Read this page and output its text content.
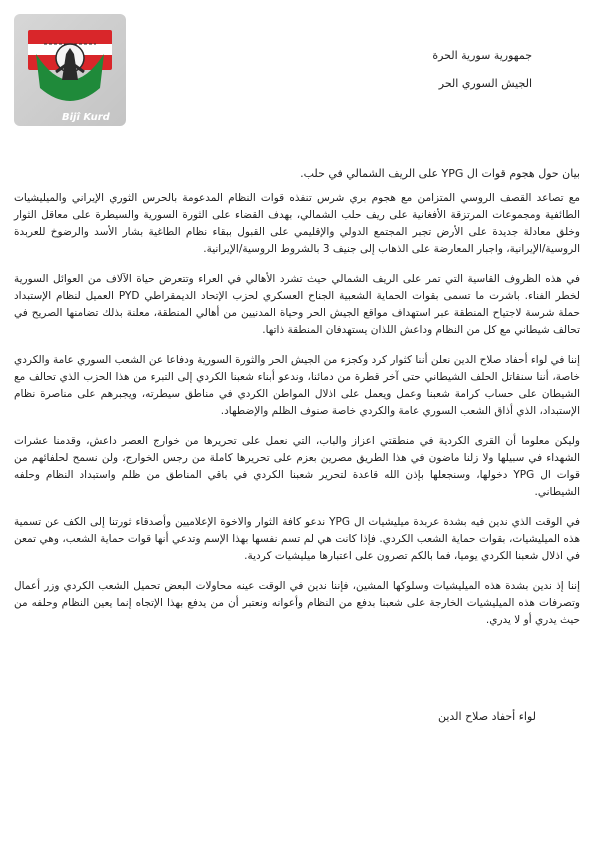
Bijî Kurd
جمهورية سورية الحرة
الجيش السوري الحر
بيان حول هجوم قوات ال YPG على الريف الشمالي في حلب.

مع تصاعد القصف الروسي المتزامن مع هجوم بري شرس تنفذه قوات النظام المدعومة بالحرس الثوري الإيراني والميليشيات الطائفية ومجموعات المرتزقة الأفغانية على ريف حلب الشمالي، بهدف القضاء على الثورة السورية والسيطرة على معاقل الثوار وخلق معادلة جديدة على الأرض تجبر المجتمع الدولي والإقليمي على القبول ببقاء نظام الطاغية بشار الأسد والرضوخ للعربدة الروسية/الإيرانية، واجبار المعارضة على الذهاب إلى جنيف 3 بالشروط الروسية/الإيرانية.

في هذه الظروف القاسية التي تمر على الريف الشمالي حيث تشرد الأهالي في العراء وتتعرض حياة الآلاف من العوائل السورية لخطر الفناء. باشرت ما تسمى بقوات الحماية الشعبية الجناح العسكري لحزب الإتحاد الديمقراطي PYD العميل لنظام الإستبداد حملة شرسة لاجتياح المنطقة عبر استهداف مواقع الجيش الحر وحياة المدنيين من أهالي المنطقة، معلنة بذلك تضامنها الصريح في تحالف شيطاني مع كل من النظام وداعش اللذان يستهدفان المنطقة ذاتها.

إننا في لواء أحفاد صلاح الدين نعلن أننا كثوار كرد وكجزء من الجيش الحر والثورة السورية ودفاعا عن الشعب السوري عامة والكردي خاصة، أننا سنقاتل الحلف الشيطاني حتى آخر قطرة من دمائنا، وندعو أبناء شعبنا الكردي إلى التبرء من هذا الحزب الذي تحالف مع الشيطان على حساب كرامة شعبنا وعمل ويعمل على اذلال المواطن الكردي في مناطق سيطرته، ويجبرهم على مناصرة نظام الإستبداد، الذي أذاق الشعب السوري عامة والكردي خاصة صنوف الظلم والإضطهاد.

وليكن معلوما أن القرى الكردية في منطقتي اعزاز والباب، التي نعمل على تحريرها من خوارج العصر داعش، وقدمنا عشرات الشهداء في سبيلها ولا زلنا ماضون في هذا الطريق مصرين بعزم على تحريرها كاملة من رجس الخوارج، ولن نسمح لحلفائهم من قوات ال YPG دخولها، وسنجعلها بإذن الله قاعدة لتحرير شعبنا الكردي في باقي المناطق من ظلم واستبداد النظام وحلفه الشيطاني.

في الوقت الذي ندين فيه بشدة عربدة ميليشيات ال YPG ندعو كافة الثوار والاخوة الإعلاميين وأصدقاء ثورتنا إلى الكف عن تسمية هذه الميليشيات، بقوات حماية الشعب الكردي. فإذا كانت هي لم تسم نفسها بهذا الإسم وتدعي أنها قوات حماية الشعب، وهي تمعن في اذلال شعبنا الكردي يوميا، فما بالكم تصرون على اعتبارها ميليشيات كردية.

إننا إذ ندين بشدة هذه الميليشيات وسلوكها المشين، فإننا ندين في الوقت عينه محاولات البعض تحميل الشعب الكردي وزر أعمال وتصرفات هذه الميليشيات الخارجة على شعبنا بدفع من النظام وأعوانه ونعتبر أن من يدفع بهذا الإتجاه إنما يعين النظام وحلفه من حيث يدري أو لا يدري.

لواء أحفاد صلاح الدين
